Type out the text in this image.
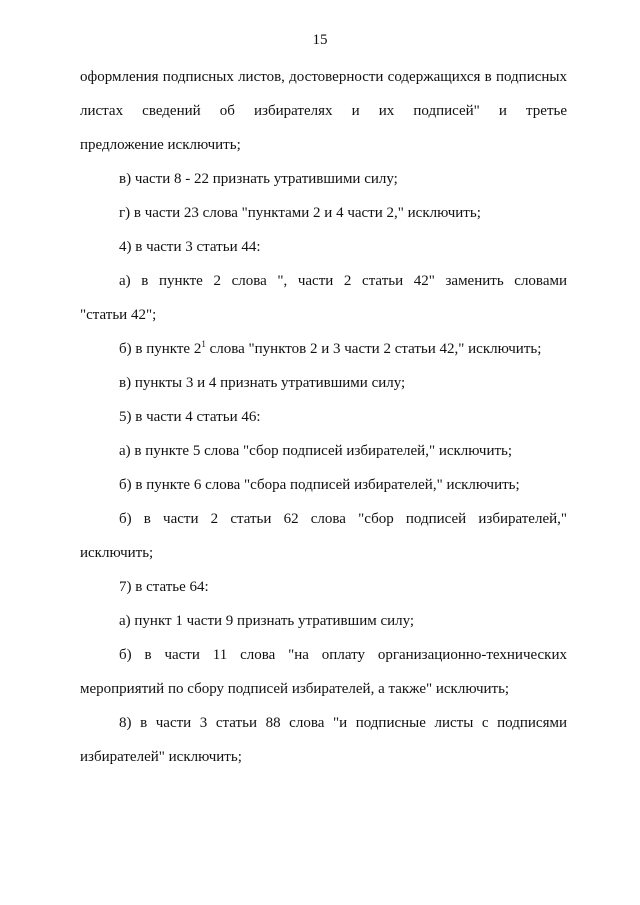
15

оформления подписных листов, достоверности содержащихся в подписных
листах сведений об избирателях и их подписей" и третье
предложение исключить;

в) части 8 - 22 признать утратившими силу;

г) в части 23 слова "пунктами 2 и 4 части 2," исключить;

4) в части 3 статьи 44:

а) в пункте 2 слова ", части 2 статьи 42" заменить словами
"статьи 42";

б) в пункте $2^1$ слова "пунктов 2 и 3 части 2 статьи 42," исключить;

в) пункты 3 и 4 признать утратившими силу;

5) в части 4 статьи 46:

а) в пункте 5 слова "сбор подписей избирателей," исключить;

б) в пункте 6 слова "сбора подписей избирателей," исключить;

б) в части 2 статьи 62 слова "сбор подписей избирателей,"
исключить;

7) в статье 64:

а) пункт 1 части 9 признать утратившим силу;

б) в части 11 слова "на оплату организационно-технических
мероприятий по сбору подписей избирателей, а также" исключить;

8) в части 3 статьи 88 слова "и подписные листы с подписями
избирателей" исключить;
